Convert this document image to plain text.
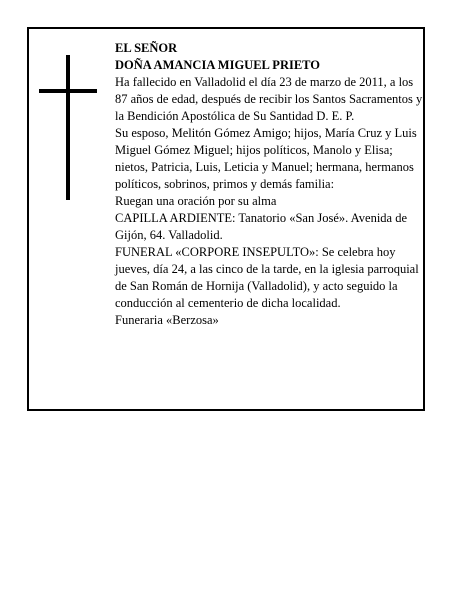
EL SEÑOR

DOÑA AMANCIA MIGUEL PRIETO

Ha fallecido en Valladolid el día 23 de marzo de 2011, a los 87 años de edad, después de recibir los Santos Sacramentos y la Bendición Apostólica de Su Santidad D. E. P.

Su esposo, Melitón Gómez Amigo; hijos, María Cruz y Luis Miguel Gómez Miguel; hijos políticos, Manolo y Elisa; nietos, Patricia, Luis, Leticia y Manuel; hermana, hermanos políticos, sobrinos, primos y demás familia:

Ruegan una oración por su alma

CAPILLA ARDIENTE: Tanatorio «San José». Avenida de Gijón, 64. Valladolid.

FUNERAL «CORPORE INSEPULTO»: Se celebra hoy jueves, día 24, a las cinco de la tarde, en la iglesia parroquial de San Román de Hornija (Valladolid), y acto seguido la conducción al cementerio de dicha localidad.

Funeraria «Berzosa»
